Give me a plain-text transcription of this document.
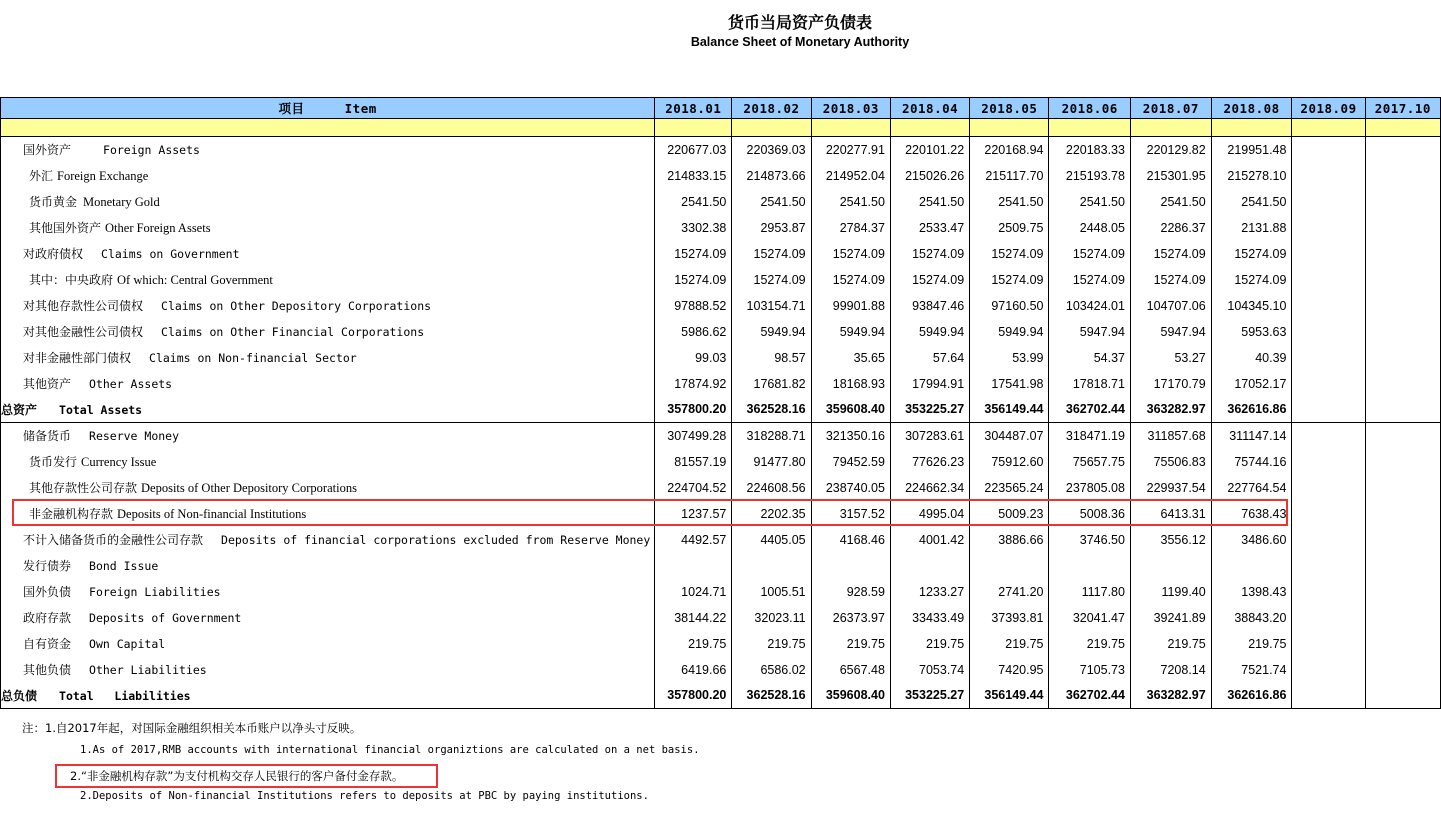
货币当局资产负债表
Balance Sheet of Monetary Authority
项目 Item	2018.01	2018.02	2018.03	2018.04	2018.05	2018.06	2018.07	2018.08	2018.09	2017.10

国外资产 Foreign Assets	220677.03	220369.03	220277.91	220101.22	220168.94	220183.33	220129.82	219951.48		
外汇 Foreign Exchange	214833.15	214873.66	214952.04	215026.26	215117.70	215193.78	215301.95	215278.10		
货币黄金 Monetary Gold	2541.50	2541.50	2541.50	2541.50	2541.50	2541.50	2541.50	2541.50		
其他国外资产 Other Foreign Assets	3302.38	2953.87	2784.37	2533.47	2509.75	2448.05	2286.37	2131.88		
对政府债权 Claims on Government	15274.09	15274.09	15274.09	15274.09	15274.09	15274.09	15274.09	15274.09		
其中：中央政府 Of which: Central Government	15274.09	15274.09	15274.09	15274.09	15274.09	15274.09	15274.09	15274.09		
对其他存款性公司债权 Claims on Other Depository Corporations	97888.52	103154.71	99901.88	93847.46	97160.50	103424.01	104707.06	104345.10		
对其他金融性公司债权 Claims on Other Financial Corporations	5986.62	5949.94	5949.94	5949.94	5949.94	5947.94	5947.94	5953.63		
对非金融性部门债权 Claims on Non-financial Sector	99.03	98.57	35.65	57.64	53.99	54.37	53.27	40.39		
其他资产 Other Assets	17874.92	17681.82	18168.93	17994.91	17541.98	17818.71	17170.79	17052.17		
总资产 Total Assets	357800.20	362528.16	359608.40	353225.27	356149.44	362702.44	363282.97	362616.86		
储备货币 Reserve Money	307499.28	318288.71	321350.16	307283.61	304487.07	318471.19	311857.68	311147.14		
货币发行 Currency Issue	81557.19	91477.80	79452.59	77626.23	75912.60	75657.75	75506.83	75744.16		
其他存款性公司存款 Deposits of Other Depository Corporations	224704.52	224608.56	238740.05	224662.34	223565.24	237805.08	229937.54	227764.54		
非金融机构存款 Deposits of Non-financial Institutions	1237.57	2202.35	3157.52	4995.04	5009.23	5008.36	6413.31	7638.43		
不计入储备货币的金融性公司存款 Deposits of financial corporations excluded from Reserve Money	4492.57	4405.05	4168.46	4001.42	3886.66	3746.50	3556.12	3486.60		
发行债券 Bond Issue										
国外负债 Foreign Liabilities	1024.71	1005.51	928.59	1233.27	2741.20	1117.80	1199.40	1398.43		
政府存款 Deposits of Government	38144.22	32023.11	26373.97	33433.49	37393.81	32041.47	39241.89	38843.20		
自有资金 Own Capital	219.75	219.75	219.75	219.75	219.75	219.75	219.75	219.75		
其他负债 Other Liabilities	6419.66	6586.02	6567.48	7053.74	7420.95	7105.73	7208.14	7521.74		
总负债 Total   Liabilities	357800.20	362528.16	359608.40	353225.27	356149.44	362702.44	363282.97	362616.86		
注：1.自2017年起，对国际金融组织相关本币账户以净头寸反映。
1.As of 2017,RMB accounts with international financial organiztions are calculated on a net basis.
2.“非金融机构存款”为支付机构交存人民银行的客户备付金存款。
2.Deposits of Non-financial Institutions refers to deposits at PBC by paying institutions.
